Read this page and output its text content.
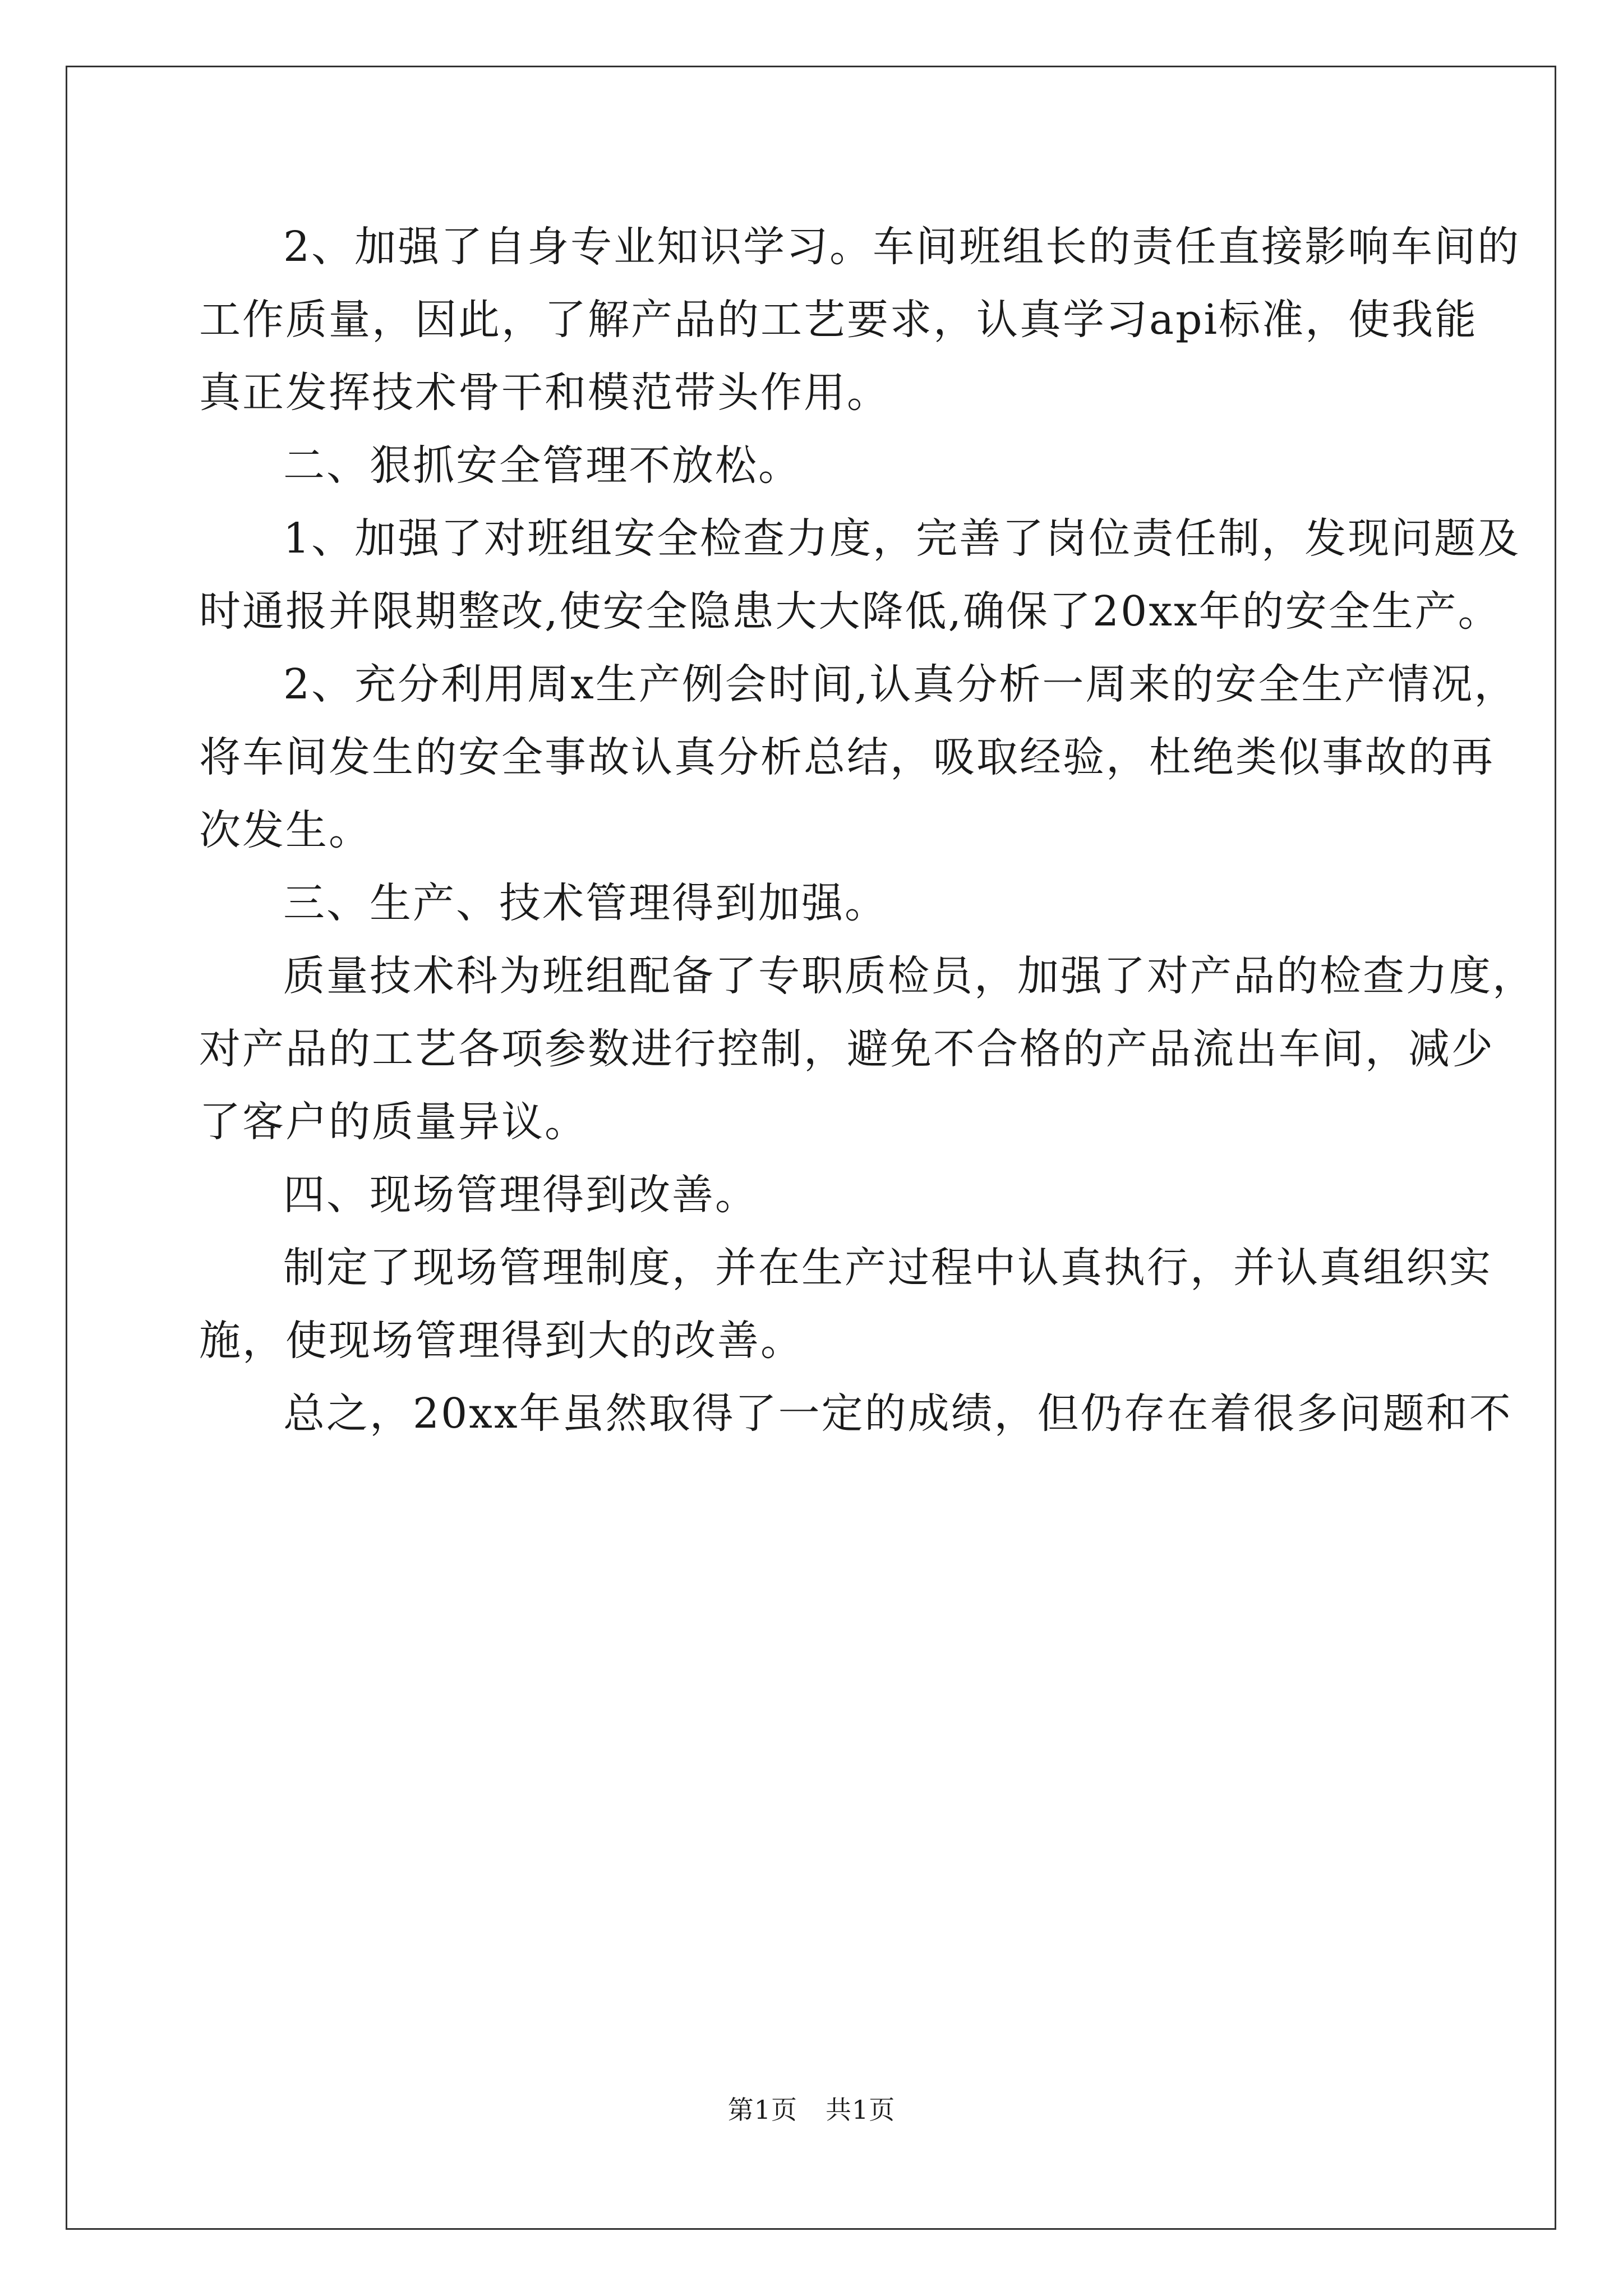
2、加强了自身专业知识学习。车间班组长的责任直接影响车间的
工作质量，因此，了解产品的工艺要求，认真学习api标准，使我能
真正发挥技术骨干和模范带头作用。
二、狠抓安全管理不放松。
1、加强了对班组安全检查力度，完善了岗位责任制，发现问题及
时通报并限期整改,使安全隐患大大降低,确保了20xx年的安全生产。
2、充分利用周x生产例会时间,认真分析一周来的安全生产情况，
将车间发生的安全事故认真分析总结，吸取经验，杜绝类似事故的再
次发生。
三、生产、技术管理得到加强。
质量技术科为班组配备了专职质检员，加强了对产品的检查力度，
对产品的工艺各项参数进行控制，避免不合格的产品流出车间，减少
了客户的质量异议。
四、现场管理得到改善。
制定了现场管理制度，并在生产过程中认真执行，并认真组织实
施，使现场管理得到大的改善。
总之，20xx年虽然取得了一定的成绩，但仍存在着很多问题和不
第1页 共1页
